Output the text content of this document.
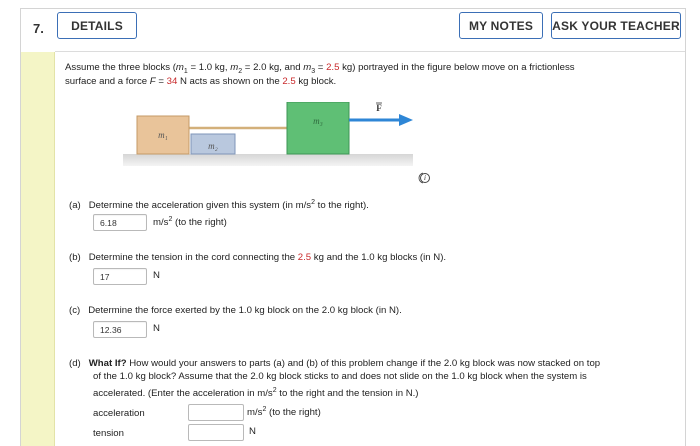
7.	DETAILS	MY NOTES	ASK YOUR TEACHER
Assume the three blocks ($m_1 = 1.0$ kg, $m_2 = 2.0$ kg, and $m_3 = 2.5$ kg) portrayed in the figure below move on a frictionless
surface and a force F = 34 N acts as shown on the 2.5 kg block.
m₁
m₂
m₃
F
i
(a) Determine the acceleration given this system (in $m/s^2$ to the right).
6.18	$m/s^2$ (to the right)
(b) Determine the tension in the cord connecting the 2.5 kg and the 1.0 kg blocks (in N).
17	N
(c) Determine the force exerted by the 1.0 kg block on the 2.0 kg block (in N).
12.36	N
(d) What If? How would your answers to parts (a) and (b) of this problem change if the 2.0 kg block was now stacked on top
of the 1.0 kg block? Assume that the 2.0 kg block sticks to and does not slide on the 1.0 kg block when the system is
accelerated. (Enter the acceleration in $m/s^2$ to the right and the tension in N.)
acceleration	$m/s^2$ (to the right)
tension	N
